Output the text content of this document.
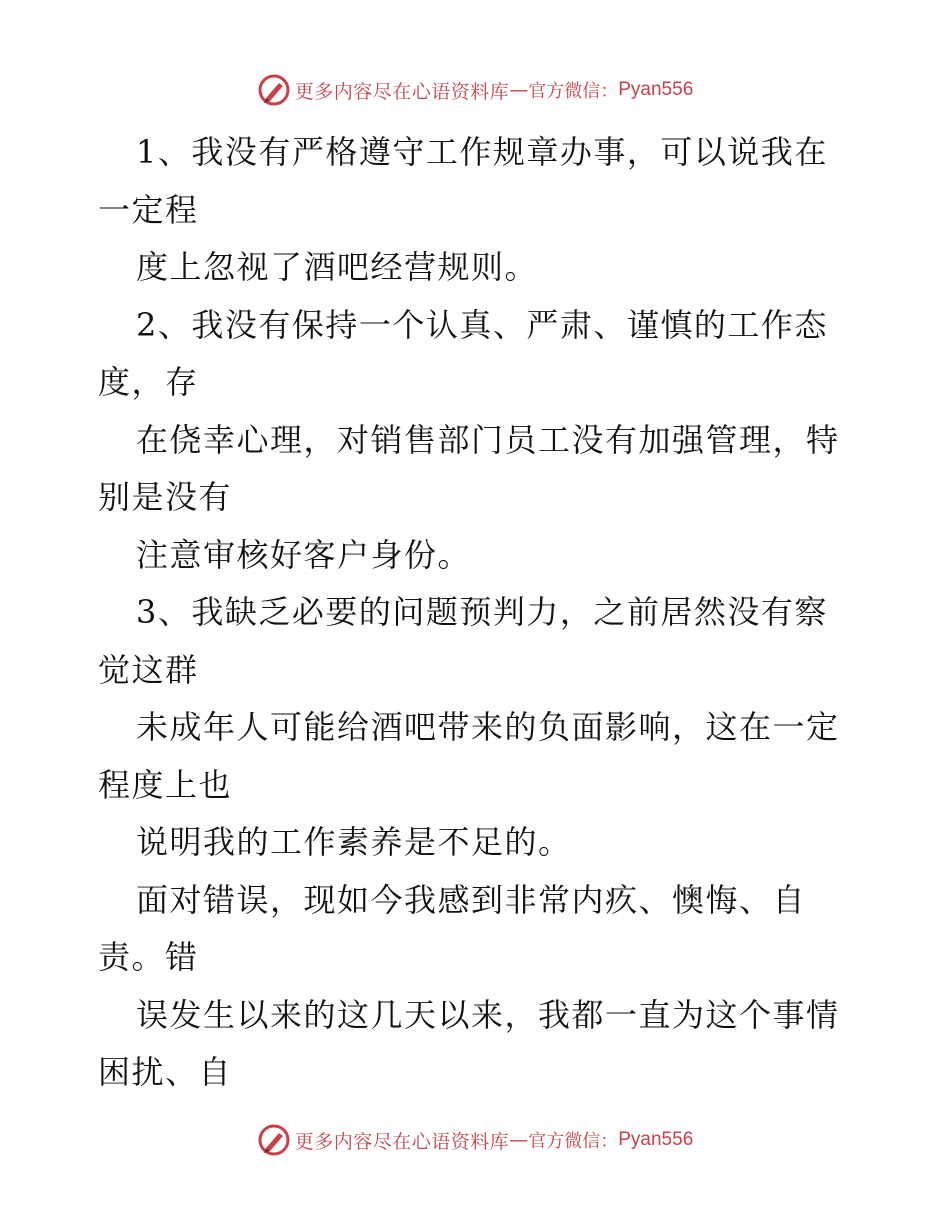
更多内容尽在心语资料库 — 官方微信： Pyan556
1、我没有严格遵守工作规章办事，可以说我在
一定程
度上忽视了酒吧经营规则。
2、我没有保持一个认真、严肃、谨慎的工作态
度，存
在侥幸心理，对销售部门员工没有加强管理，特
别是没有
注意审核好客户身份。
3、我缺乏必要的问题预判力，之前居然没有察
觉这群
未成年人可能给酒吧带来的负面影响，这在一定
程度上也
说明我的工作素养是不足的。
面对错误，现如今我感到非常内疚、懊悔、自
责。错
误发生以来的这几天以来，我都一直为这个事情
困扰、自
更多内容尽在心语资料库 — 官方微信： Pyan556
